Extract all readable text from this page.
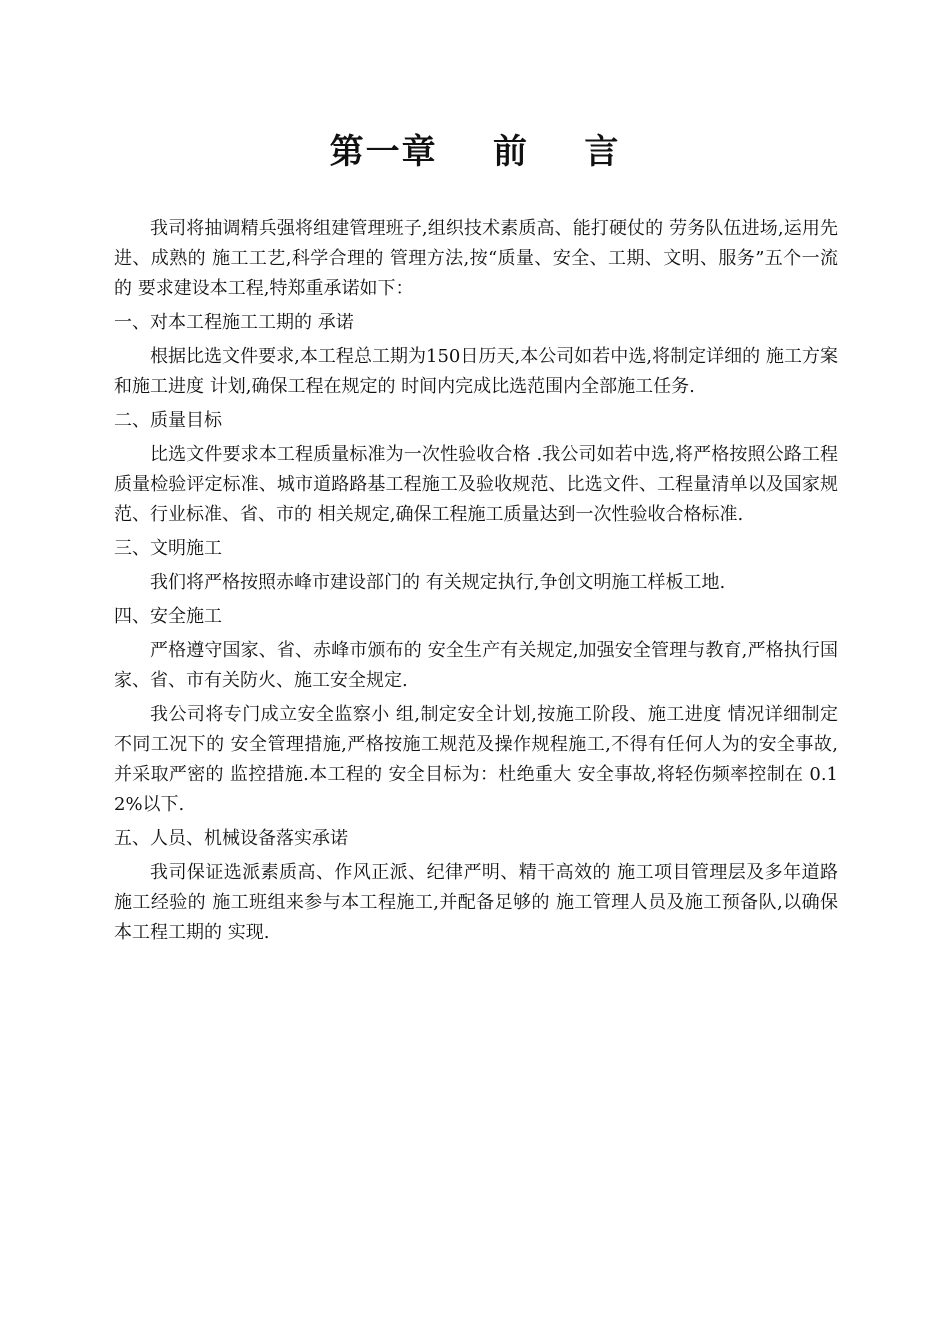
第一章    前    言

我司将抽调精兵强将组建管理班子,组织技术素质高、能打硬仗的 劳务队伍进场,运用先进、成熟的 施工工艺,科学合理的 管理方法,按“质量、安全、工期、文明、服务”五个一流的 要求建设本工程,特郑重承诺如下：

一、对本工程施工工期的 承诺

根据比选文件要求,本工程总工期为150日历天,本公司如若中选,将制定详细的 施工方案 和施工进度 计划,确保工程在规定的 时间内完成比选范围内全部施工任务.

二、质量目标

比选文件要求本工程质量标准为一次性验收合格 .我公司如若中选,将严格按照公路工程质量检验评定标准、城市道路路基工程施工及验收规范、比选文件、工程量清单以及国家规范、行业标准、省、市的 相关规定,确保工程施工质量达到一次性验收合格标准.

三、文明施工

我们将严格按照赤峰市建设部门的 有关规定执行,争创文明施工样板工地.

四、安全施工

严格遵守国家、省、赤峰市颁布的 安全生产有关规定,加强安全管理与教育,严格执行国家、省、市有关防火、施工安全规定.

我公司将专门成立安全监察小 组,制定安全计划,按施工阶段、施工进度 情况详细制定不同工况下的 安全管理措施,严格按施工规范及操作规程施工,不得有任何人为的安全事故,并采取严密的 监控措施.本工程的 安全目标为：杜绝重大 安全事故,将轻伤频率控制在 0.12%以下.

五、人员、机械设备落实承诺

我司保证选派素质高、作风正派、纪律严明、精干高效的 施工项目管理层及多年道路施工经验的 施工班组来参与本工程施工,并配备足够的 施工管理人员及施工预备队,以确保本工程工期的 实现.
